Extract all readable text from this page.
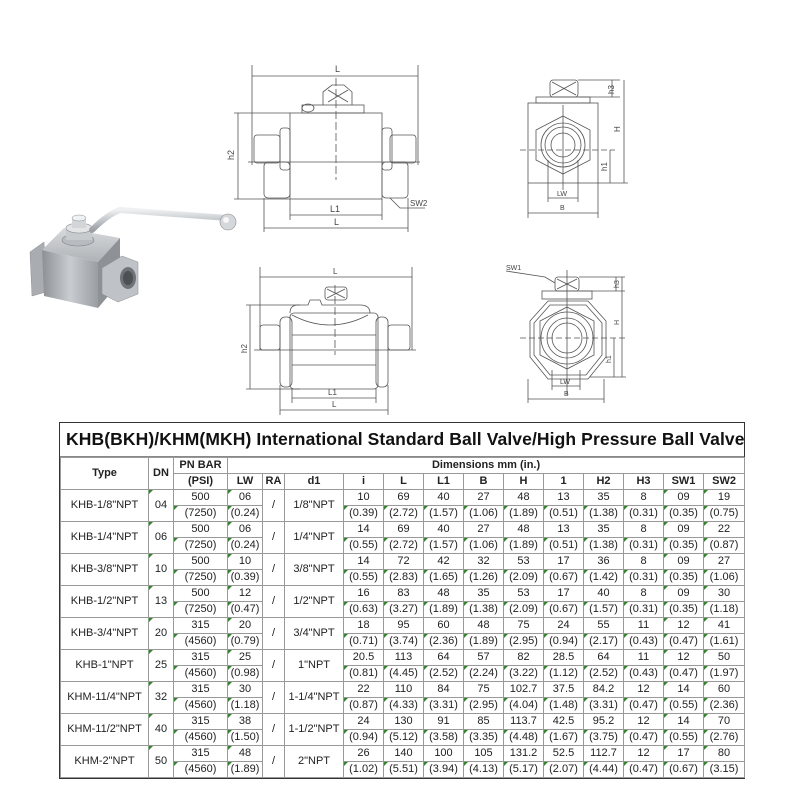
L
h2
L1
L
SW2
h3
H
h1
LW
B
L
h2
L1
L
SW1
h3
H
h1
LW
B
KHB(BKH)/KHM(MKH) International Standard Ball Valve/High Pressure Ball Valve
Type	DN	PN BAR	Dimensions mm (in.)												
		(PSI)	LW	RA	d1	i	L	L1	B	H	1	H2	H3	SW1	SW2
KHB-1/8"NPT	04	500	06	/	1/8"NPT	10	69	40	27	48	13	35	8	09	19
		(7250)	(0.24)			(0.39)	(2.72)	(1.57)	(1.06)	(1.89)	(0.51)	(1.38)	(0.31)	(0.35)	(0.75)
KHB-1/4"NPT	06	500	06	/	1/4"NPT	14	69	40	27	48	13	35	8	09	22
		(7250)	(0.24)			(0.55)	(2.72)	(1.57)	(1.06)	(1.89)	(0.51)	(1.38)	(0.31)	(0.35)	(0.87)
KHB-3/8"NPT	10	500	10	/	3/8"NPT	14	72	42	32	53	17	36	8	09	27
		(7250)	(0.39)			(0.55)	(2.83)	(1.65)	(1.26)	(2.09)	(0.67)	(1.42)	(0.31)	(0.35)	(1.06)
KHB-1/2"NPT	13	500	12	/	1/2"NPT	16	83	48	35	53	17	40	8	09	30
		(7250)	(0.47)			(0.63)	(3.27)	(1.89)	(1.38)	(2.09)	(0.67)	(1.57)	(0.31)	(0.35)	(1.18)
KHB-3/4"NPT	20	315	20	/	3/4"NPT	18	95	60	48	75	24	55	11	12	41
		(4560)	(0.79)			(0.71)	(3.74)	(2.36)	(1.89)	(2.95)	(0.94)	(2.17)	(0.43)	(0.47)	(1.61)
KHB-1"NPT	25	315	25	/	1"NPT	20.5	113	64	57	82	28.5	64	11	12	50
		(4560)	(0.98)			(0.81)	(4.45)	(2.52)	(2.24)	(3.22)	(1.12)	(2.52)	(0.43)	(0.47)	(1.97)
KHM-11/4"NPT	32	315	30	/	1-1/4"NPT	22	110	84	75	102.7	37.5	84.2	12	14	60
		(4560)	(1.18)			(0.87)	(4.33)	(3.31)	(2.95)	(4.04)	(1.48)	(3.31)	(0.47)	(0.55)	(2.36)
KHM-11/2"NPT	40	315	38	/	1-1/2"NPT	24	130	91	85	113.7	42.5	95.2	12	14	70
		(4560)	(1.50)			(0.94)	(5.12)	(3.58)	(3.35)	(4.48)	(1.67)	(3.75)	(0.47)	(0.55)	(2.76)
KHM-2"NPT	50	315	48	/	2"NPT	26	140	100	105	131.2	52.5	112.7	12	17	80
		(4560)	(1.89)			(1.02)	(5.51)	(3.94)	(4.13)	(5.17)	(2.07)	(4.44)	(0.47)	(0.67)	(3.15)
